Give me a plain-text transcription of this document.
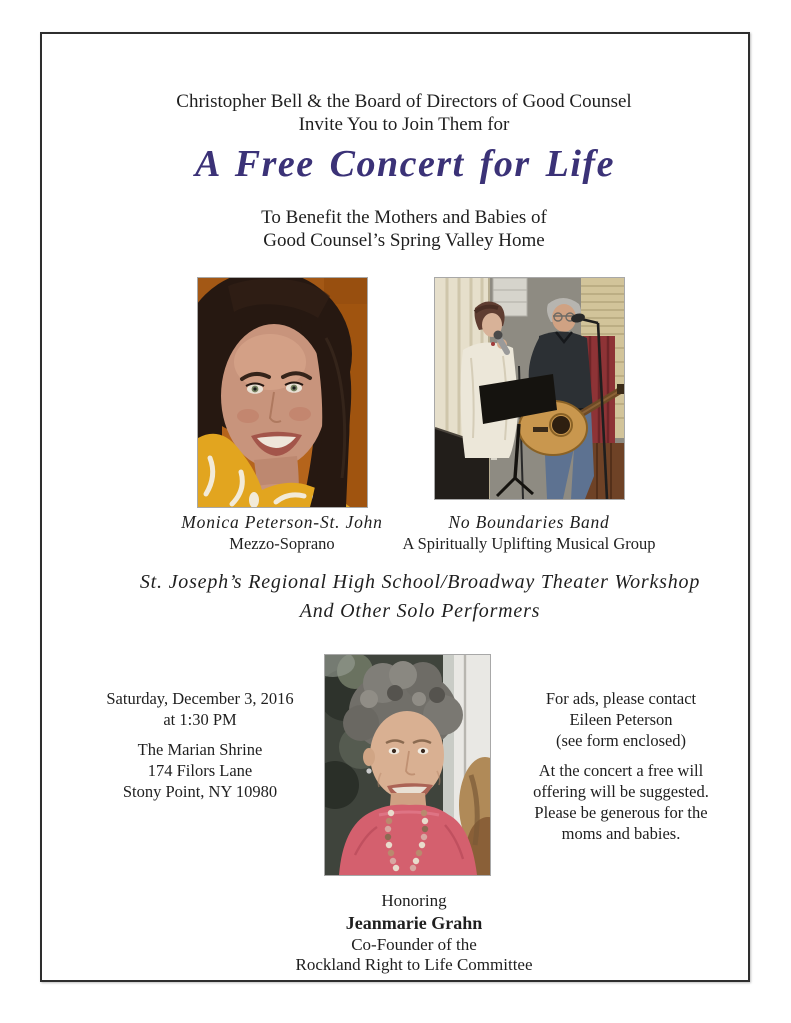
Christopher Bell & the Board of Directors of Good Counsel
Invite You to Join Them for
A Free Concert for Life
To Benefit the Mothers and Babies of
Good Counsel’s Spring Valley Home
Monica Peterson-St. John
Mezzo-Soprano
No Boundaries Band
A Spiritually Uplifting Musical Group
St. Joseph’s Regional High School/Broadway Theater Workshop
And Other Solo Performers
Saturday, December 3, 2016
at 1:30 PM
The Marian Shrine
174 Filors Lane
Stony Point, NY 10980
For ads, please contact
Eileen Peterson
(see form enclosed)
At the concert a free will
offering will be suggested.
Please be generous for the
moms and babies.
Honoring
Jeanmarie Grahn
Co-Founder of the
Rockland Right to Life Committee
